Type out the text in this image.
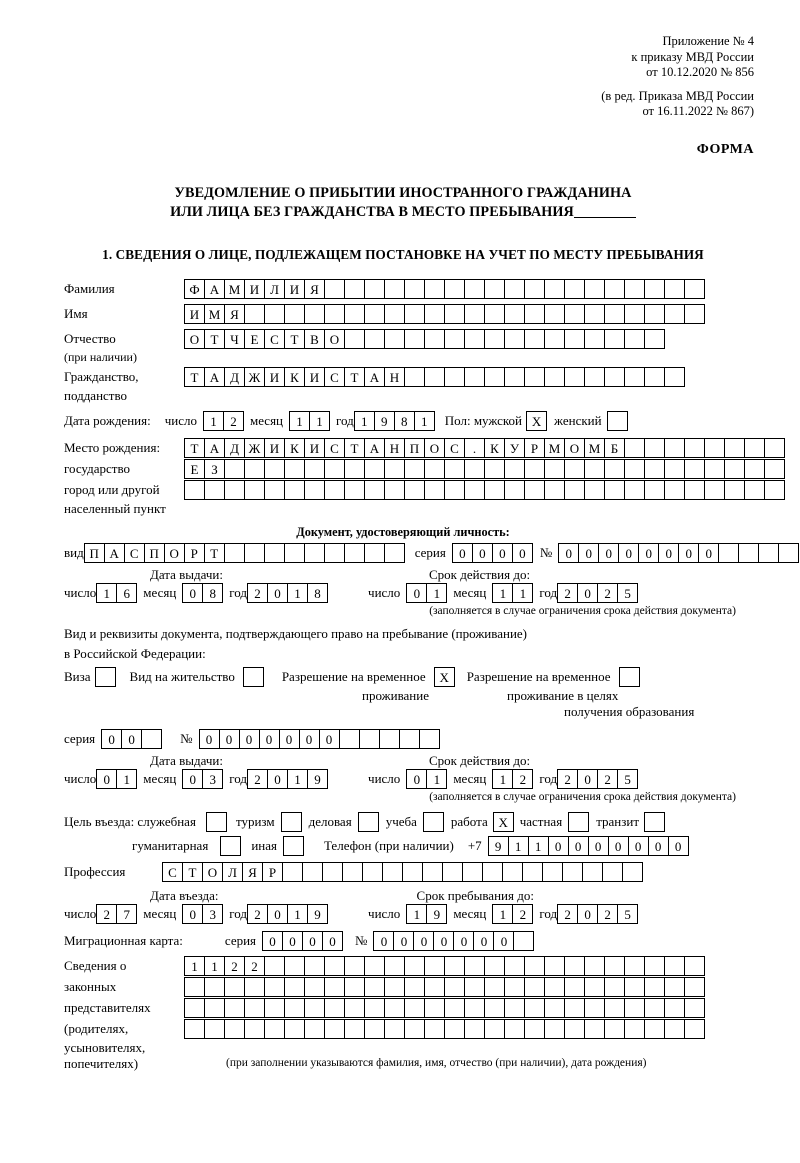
Приложение № 4
к приказу МВД России
от 10.12.2020 № 856
(в ред. Приказа МВД России
от 16.11.2022 № 867)
ФОРМА
УВЕДОМЛЕНИЕ О ПРИБЫТИИ ИНОСТРАННОГО ГРАЖДАНИНА
ИЛИ ЛИЦА БЕЗ ГРАЖДАНСТВА В МЕСТО ПРЕБЫВАНИЯ
1. СВЕДЕНИЯ О ЛИЦЕ, ПОДЛЕЖАЩЕМ ПОСТАНОВКЕ НА УЧЕТ ПО МЕСТУ ПРЕБЫВАНИЯ
Фамилия	Ф А М И Л И Я
Имя	И М Я
Отчество	О Т Ч Е С Т В О
(при наличии)
Гражданство,	Т А Д Ж И К И С Т А Н
подданство
Дата рождения: число	1	2	месяц	1	1	год 1	9	8	1	Пол: мужской X женский
Место рождения:	Т А Д Ж И К И С Т А Н П О С	.	К У Р М О М Б
государство	Е З
город или другой
населенный пункт
Документ, удостоверяющий личность:
вид П А С П О Р Т	серия	0	0	0	0	№	0	0	0	0	0	0	0	0
Дата выдачи:	Срок действия до:
число 1	6	месяц	0	8	год 2	0	1	8	число	0	1	месяц	1	1	год 2	0	2	5
(заполняется в случае ограничения срока действия документа)
Вид и реквизиты документа, подтверждающего право на пребывание (проживание)
в Российской Федерации:
Виза	Вид на жительство	Разрешение на временное	X	Разрешение на временное
проживание	проживание в целях
получения образования
серия	0	0	№	0	0	0	0	0	0	0
Дата выдачи:	Срок действия до:
число 0	1	месяц	0	3	год 2	0	1	9	число	0	1	месяц	1	2	год 2	0	2	5
(заполняется в случае ограничения срока действия документа)
Цель въезда: служебная	туризм	деловая	учеба	работа X частная	транзит
гуманитарная	иная	Телефон (при наличии) +7	9	1	1	0	0	0	0	0	0	0
Профессия	С Т О Л Я Р
Дата въезда:	Срок пребывания до:
число 2	7	месяц	0	3	год 2	0	1	9	число	1	9	месяц	1	2	год 2	0	2	5
Миграционная карта:	серия	0	0	0	0	№	0	0	0	0	0	0	0
Сведения о	1	1	2	2
законных
представителях
(родителях,
усыновителях,
попечителях)	(при заполнении указываются фамилия, имя, отчество (при наличии), дата рождения)
